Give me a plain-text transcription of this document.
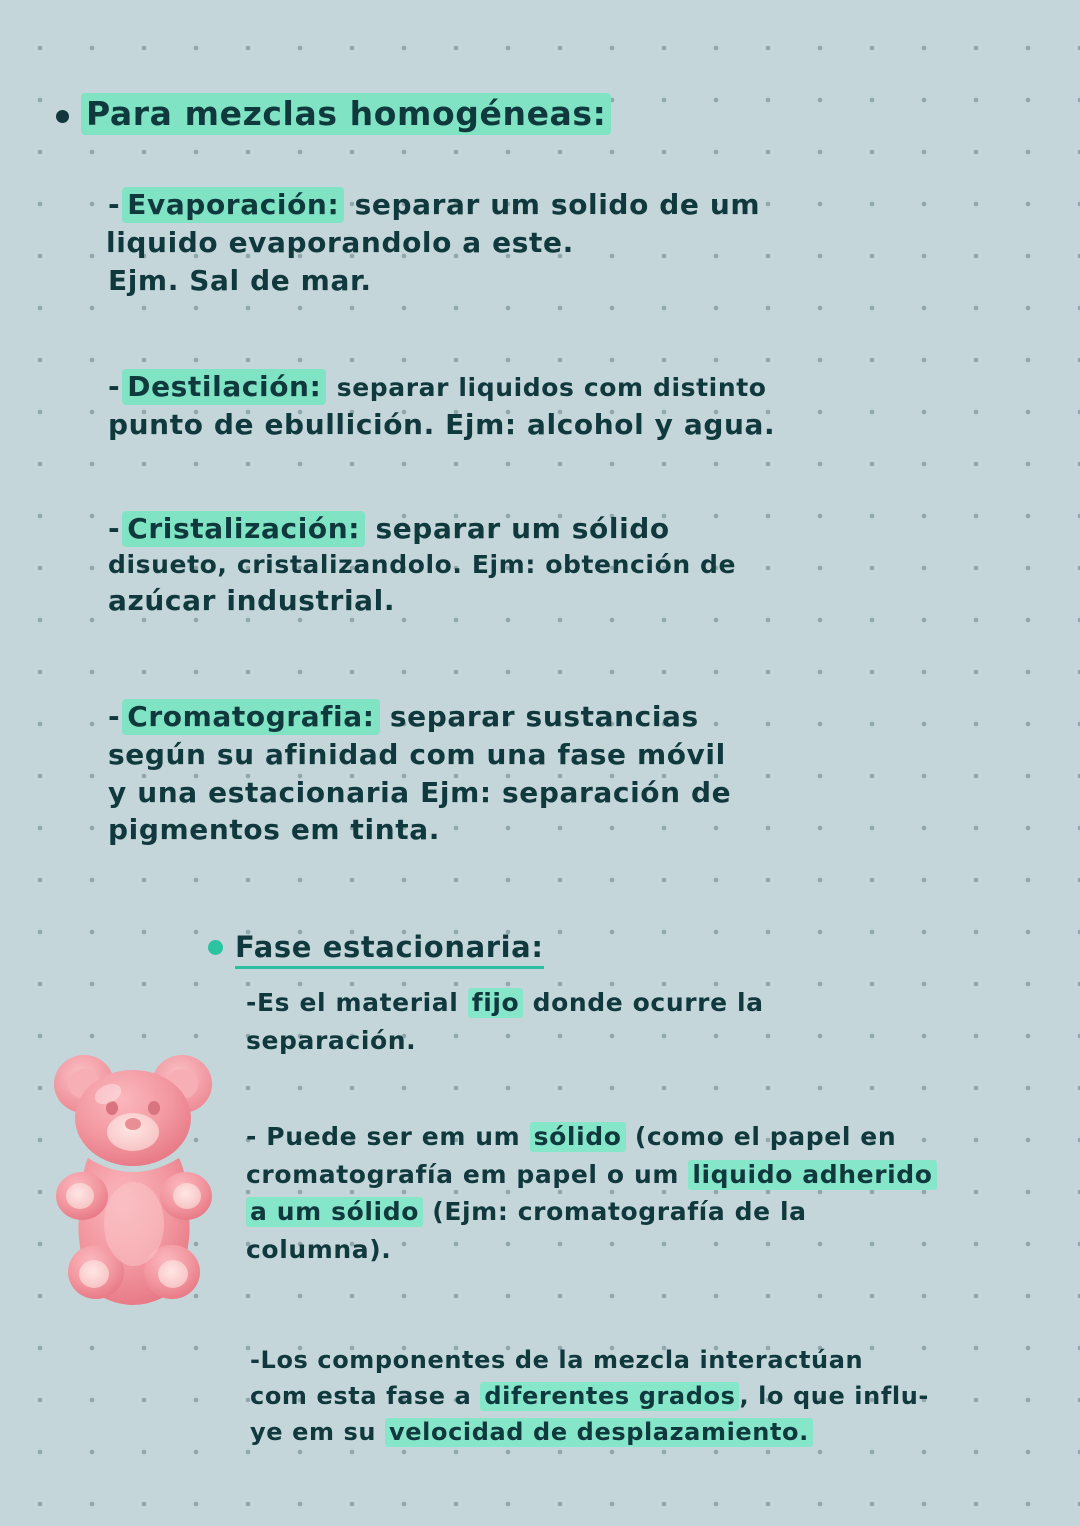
Para mezclas homogéneas:
- Evaporación: separar um solido de um
liquido evaporandolo a este.
Ejm. Sal de mar.
- Destilación: separar liquidos com distinto
punto de ebullición. Ejm: alcohol y agua.
- Cristalización: separar um sólido
disueto, cristalizandolo. Ejm: obtención de
azúcar industrial.
- Cromatografia: separar sustancias
según su afinidad com una fase móvil
y una estacionaria Ejm: separación de
pigmentos em tinta.
Fase estacionaria:
-Es el material fijo donde ocurre la
separación.
- Puede ser em um sólido (como el papel en
cromatografía em papel o um liquido adherido
a um sólido (Ejm: cromatografía de la
columna).
-Los componentes de la mezcla interactúan
com esta fase a diferentes grados , lo que influ-
ye em su velocidad de desplazamiento.
